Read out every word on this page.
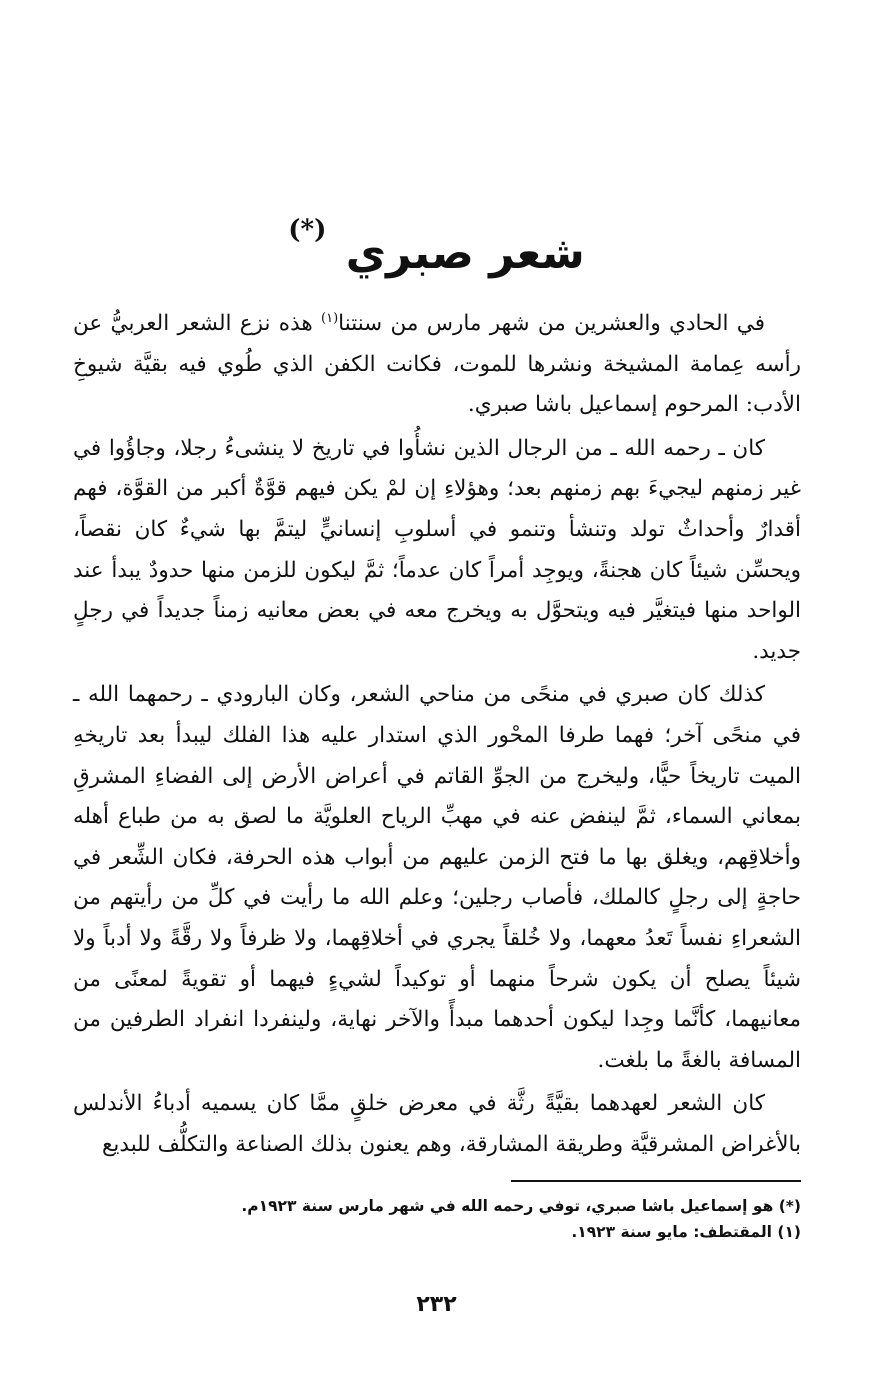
شعر صبري (*)

في الحادي والعشرين من شهر مارس من سنتنا$^{(١)}$ هذه نزع الشعر العربيُّ عن رأسه عِمامة المشيخة ونشرها للموت، فكانت الكفن الذي طُوي فيه بقيَّة شيوخِ الأدب: المرحوم إسماعيل باشا صبري.

كان ـ رحمه الله ـ من الرجال الذين نشأُوا في تاريخ لا ينشىءُ رجلا، وجاؤُوا في غير زمنهم ليجيءَ بهم زمنهم بعد؛ وهؤلاءِ إن لمْ يكن فيهم قوَّةٌ أكبر من القوَّة، فهم أقدارٌ وأحداثٌ تولد وتنشأ وتنمو في أسلوبِ إنسانيٍّ ليتمَّ بها شيءٌ كان نقصاً، ويحسِّن شيئاً كان هجنةً، ويوجِد أمراً كان عدماً؛ ثمَّ ليكون للزمن منها حدودٌ يبدأ عند الواحد منها فيتغيَّر فيه ويتحوَّل به ويخرج معه في بعض معانيه زمناً جديداً في رجلٍ جديد.

كذلك كان صبري في منحًى من مناحي الشعر، وكان البارودي ـ رحمهما الله ـ في منحًى آخر؛ فهما طرفا المحْور الذي استدار عليه هذا الفلك ليبدأ بعد تاريخهِ الميت تاريخاً حيًّا، وليخرج من الجوِّ القاتم في أعراض الأرض إلى الفضاءِ المشرقِ بمعاني السماء، ثمَّ لينفض عنه في مهبِّ الرياح العلويَّة ما لصق به من طباع أهله وأخلاقِهم، ويغلق بها ما فتح الزمن عليهم من أبواب هذه الحرفة، فكان الشِّعر في حاجةٍ إلى رجلٍ كالملك، فأصاب رجلين؛ وعلم الله ما رأيت في كلِّ من رأيتهم من الشعراءِ نفساً تَعدُ معهما، ولا خُلقاً يجري في أخلاقِهما، ولا ظرفاً ولا رقَّةً ولا أدباً ولا شيئاً يصلح أن يكون شرحاً منهما أو توكيداً لشيءٍ فيهما أو تقويةً لمعنًى من معانيهما، كأنَّما وجِدا ليكون أحدهما مبدأً والآخر نهاية، ولينفردا انفراد الطرفين من المسافة بالغةً ما بلغت.

كان الشعر لعهدهما بقيَّةً رثَّة في معرض خلقٍ ممَّا كان يسميه أدباءُ الأندلس بالأغراض المشرقيَّة وطريقة المشارقة، وهم يعنون بذلك الصناعة والتكلُّف للبديع

(*) هو إسماعيل باشا صبري، توفي رحمه الله في شهر مارس سنة ١٩٢٣م.
(١) المقتطف: مايو سنة ١٩٢٣.
٢٣٢
